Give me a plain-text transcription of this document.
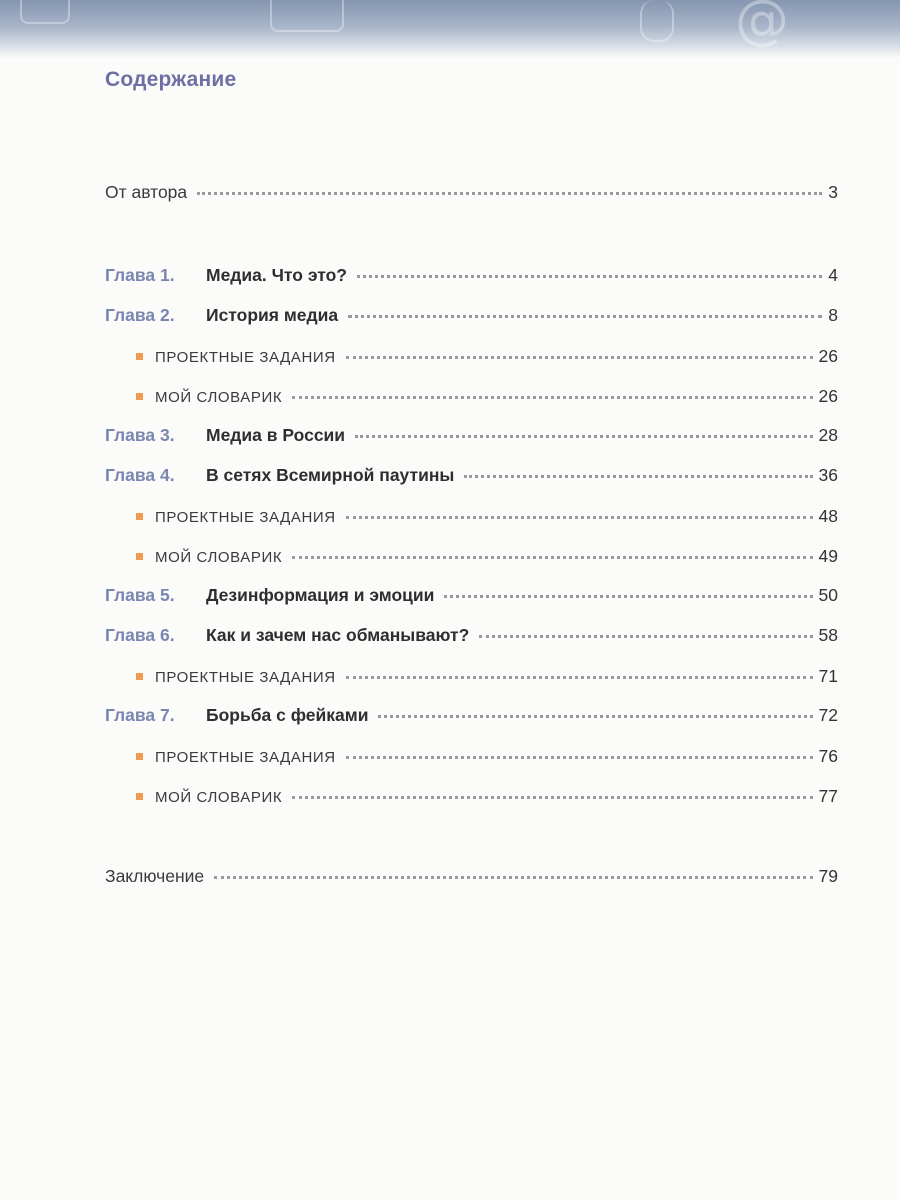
@
Содержание
От автора	3
Глава 1.	Медиа. Что это?	4
Глава 2.	История медиа	8
ПРОЕКТНЫЕ ЗАДАНИЯ	26
МОЙ СЛОВАРИК	26
Глава 3.	Медиа в России	28
Глава 4.	В сетях Всемирной паутины	36
ПРОЕКТНЫЕ ЗАДАНИЯ	48
МОЙ СЛОВАРИК	49
Глава 5.	Дезинформация и эмоции	50
Глава 6.	Как и зачем нас обманывают?	58
ПРОЕКТНЫЕ ЗАДАНИЯ	71
Глава 7.	Борьба с фейками	72
ПРОЕКТНЫЕ ЗАДАНИЯ	76
МОЙ СЛОВАРИК	77
Заключение	79
